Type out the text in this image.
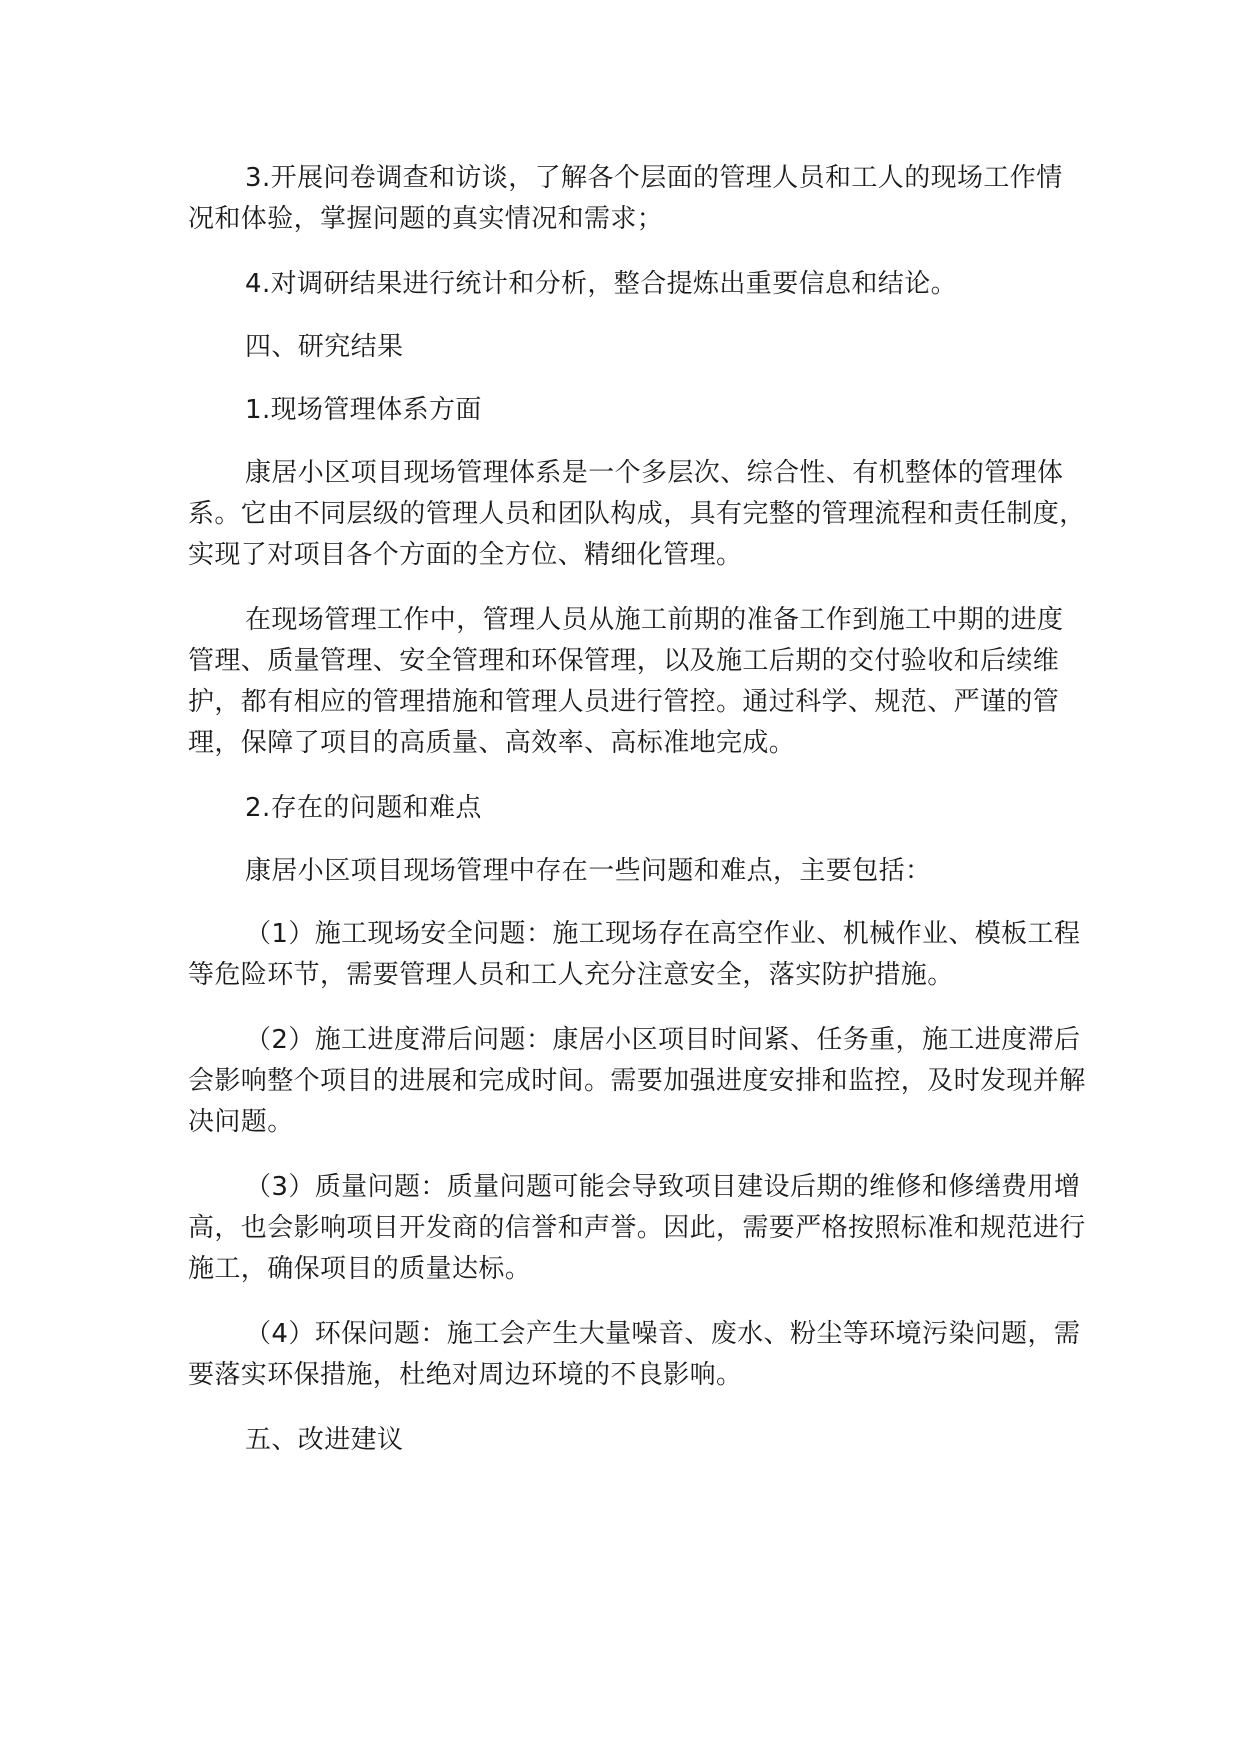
3.开展问卷调查和访谈，了解各个层面的管理人员和工人的现场工作情况和体验，掌握问题的真实情况和需求；

4.对调研结果进行统计和分析，整合提炼出重要信息和结论。

四、研究结果

1.现场管理体系方面

康居小区项目现场管理体系是一个多层次、综合性、有机整体的管理体系。它由不同层级的管理人员和团队构成，具有完整的管理流程和责任制度，实现了对项目各个方面的全方位、精细化管理。

在现场管理工作中，管理人员从施工前期的准备工作到施工中期的进度管理、质量管理、安全管理和环保管理，以及施工后期的交付验收和后续维护，都有相应的管理措施和管理人员进行管控。通过科学、规范、严谨的管理，保障了项目的高质量、高效率、高标准地完成。

2.存在的问题和难点

康居小区项目现场管理中存在一些问题和难点，主要包括：

（1）施工现场安全问题：施工现场存在高空作业、机械作业、模板工程等危险环节，需要管理人员和工人充分注意安全，落实防护措施。

（2）施工进度滞后问题：康居小区项目时间紧、任务重，施工进度滞后会影响整个项目的进展和完成时间。需要加强进度安排和监控，及时发现并解决问题。

（3）质量问题：质量问题可能会导致项目建设后期的维修和修缮费用增高，也会影响项目开发商的信誉和声誉。因此，需要严格按照标准和规范进行施工，确保项目的质量达标。

（4）环保问题：施工会产生大量噪音、废水、粉尘等环境污染问题，需要落实环保措施，杜绝对周边环境的不良影响。

五、改进建议
